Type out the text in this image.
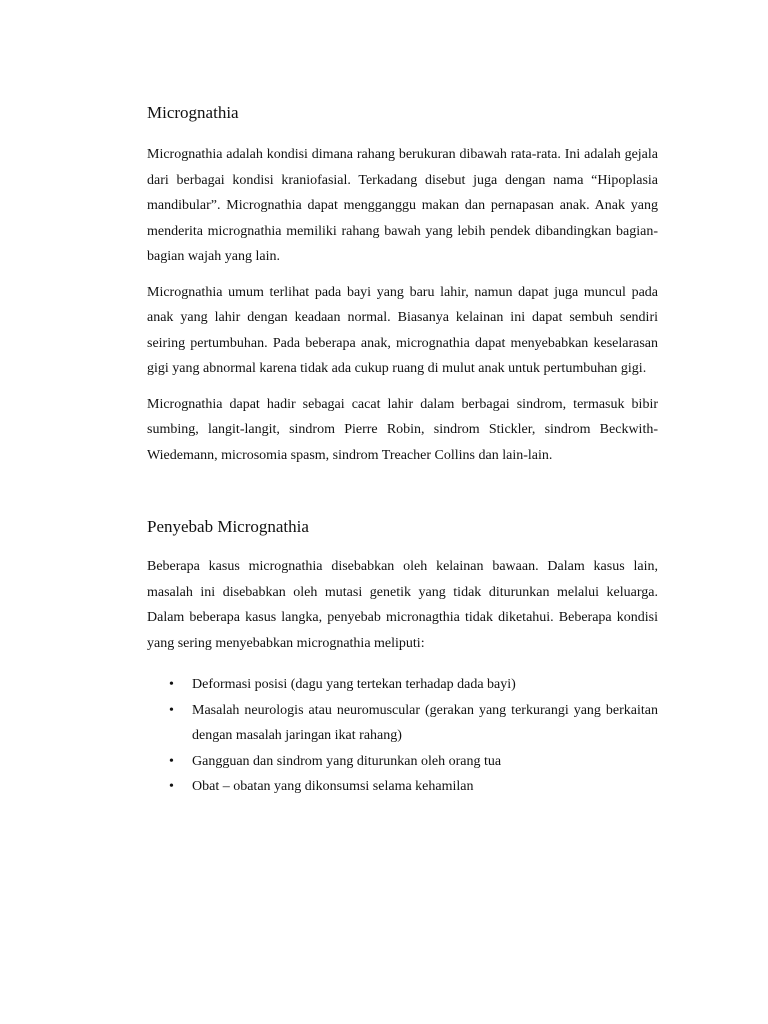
Micrognathia

Micrognathia adalah kondisi dimana rahang berukuran dibawah rata-rata. Ini adalah gejala dari berbagai kondisi kraniofasial. Terkadang disebut juga dengan nama “Hipoplasia mandibular”. Micrognathia dapat mengganggu makan dan pernapasan anak. Anak yang menderita micrognathia memiliki rahang bawah yang lebih pendek dibandingkan bagian-bagian wajah yang lain.

Micrognathia umum terlihat pada bayi yang baru lahir, namun dapat juga muncul pada anak yang lahir dengan keadaan normal. Biasanya kelainan ini dapat sembuh sendiri seiring pertumbuhan. Pada beberapa anak, micrognathia dapat menyebabkan keselarasan gigi yang abnormal karena tidak ada cukup ruang di mulut anak untuk pertumbuhan gigi.

Micrognathia dapat hadir sebagai cacat lahir dalam berbagai sindrom, termasuk bibir sumbing, langit-langit, sindrom Pierre Robin, sindrom Stickler, sindrom Beckwith-Wiedemann, microsomia spasm, sindrom Treacher Collins dan lain-lain.

Penyebab Micrognathia

Beberapa kasus micrognathia disebabkan oleh kelainan bawaan. Dalam kasus lain, masalah ini disebabkan oleh mutasi genetik yang tidak diturunkan melalui keluarga. Dalam beberapa kasus langka, penyebab micronagthia tidak diketahui. Beberapa kondisi yang sering menyebabkan micrognathia meliputi:

• Deformasi posisi (dagu yang tertekan terhadap dada bayi)
• Masalah neurologis atau neuromuscular (gerakan yang terkurangi yang berkaitan dengan masalah jaringan ikat rahang)
• Gangguan dan sindrom yang diturunkan oleh orang tua
• Obat – obatan yang dikonsumsi selama kehamilan
